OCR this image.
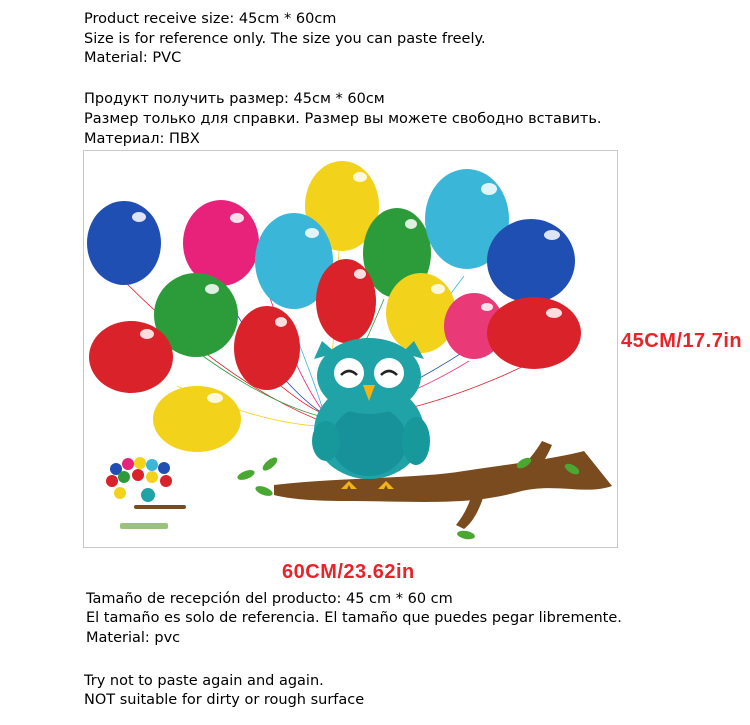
Product receive size: 45cm * 60cm
Size is for reference only. The size you can paste freely.
Material: PVC
Продукт получить размер: 45см * 60см
Размер только для справки. Размер вы можете свободно вставить.
Материал: ПВХ
45CM/17.7in
60CM/23.62in
Tamaño de recepción del producto: 45 cm * 60 cm
El tamaño es solo de referencia. El tamaño que puedes pegar libremente.
Material: pvc
Try not to paste again and again.
NOT suitable for dirty or rough surface
